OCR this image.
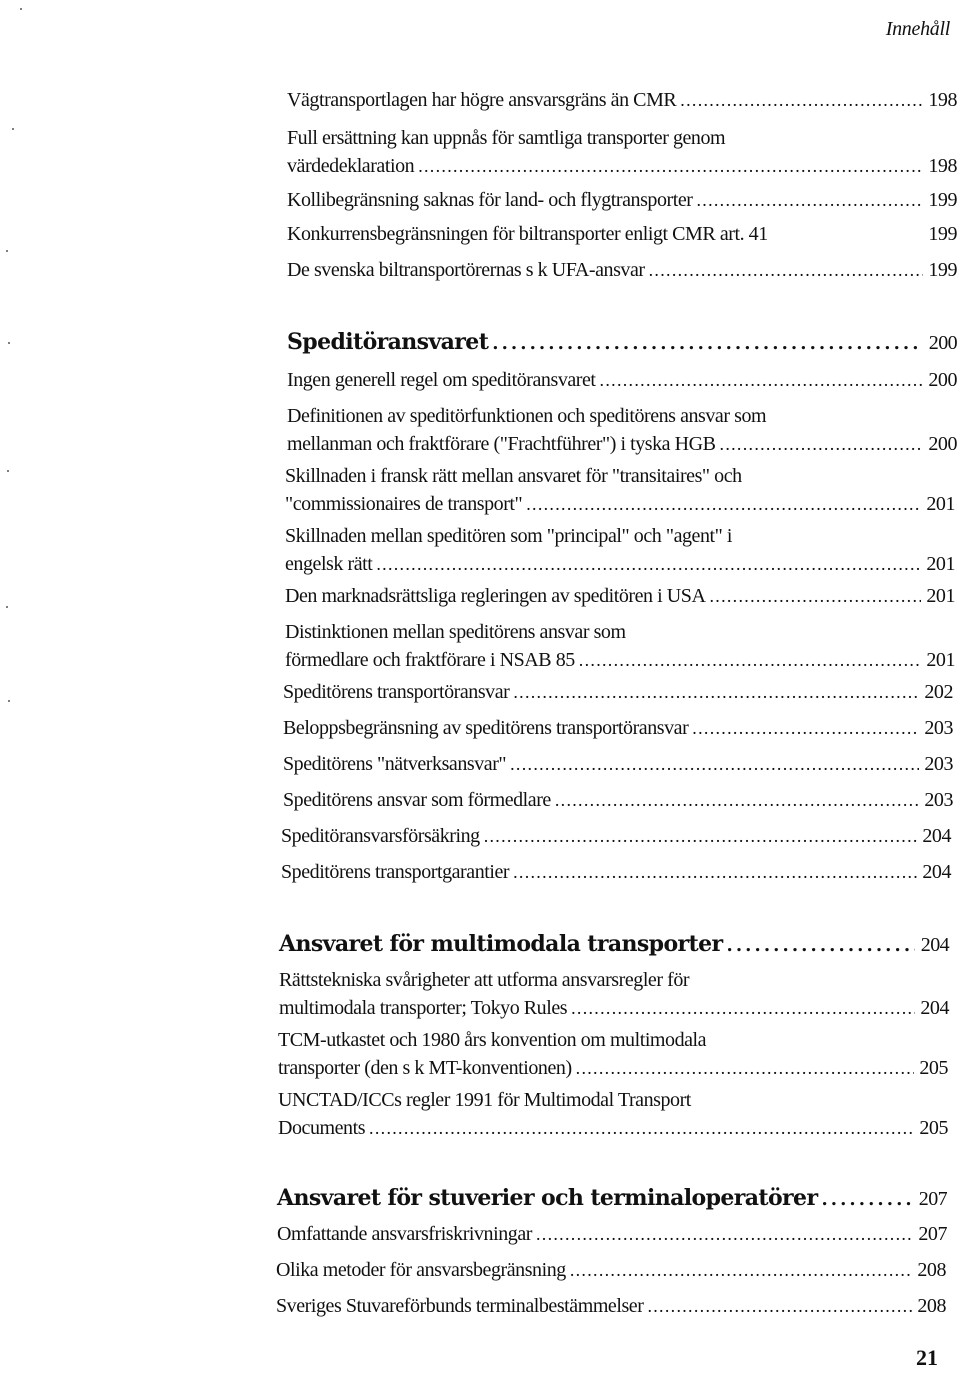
Innehåll
Vägtransportlagen har högre ansvarsgräns än CMR . . .	198
Full ersättning kan uppnås för samtliga transporter genom
värdedeklaration . . .	198
Kollibegränsning saknas för land- och flygtransporter . . .	199
Konkurrensbegränsningen för biltransporter enligt CMR art. 41	199
De svenska biltransportörernas s k UFA-ansvar . . .	199
Speditöransvaret . . .	200
Ingen generell regel om speditöransvaret . . .	200
Definitionen av speditörfunktionen och speditörens ansvar som
mellanman och fraktförare ("Frachtführer") i tyska HGB . . .	200
Skillnaden i fransk rätt mellan ansvaret för "transitaires" och
"commissionaires de transport" . . .	201
Skillnaden mellan speditören som "principal" och "agent" i
engelsk rätt . . .	201
Den marknadsrättsliga regleringen av speditören i USA . . .	201
Distinktionen mellan speditörens ansvar som
förmedlare och fraktförare i NSAB 85 . . .	201
Speditörens transportöransvar . . .	202
Beloppsbegränsning av speditörens transportöransvar . . .	203
Speditörens "nätverksansvar" . . .	203
Speditörens ansvar som förmedlare . . .	203
Speditöransvarsförsäkring . . .	204
Speditörens transportgarantier . . .	204
Ansvaret för multimodala transporter . . .	204
Rättstekniska svårigheter att utforma ansvarsregler för
multimodala transporter; Tokyo Rules . . .	204
TCM-utkastet och 1980 års konvention om multimodala
transporter (den s k MT-konventionen) . . .	205
UNCTAD/ICCs regler 1991 för Multimodal Transport
Documents . . .	205
Ansvaret för stuverier och terminaloperatörer . . .	207
Omfattande ansvarsfriskrivningar . . .	207
Olika metoder för ansvarsbegränsning . . .	208
Sveriges Stuvareförbunds terminalbestämmelser . . .	208
21
